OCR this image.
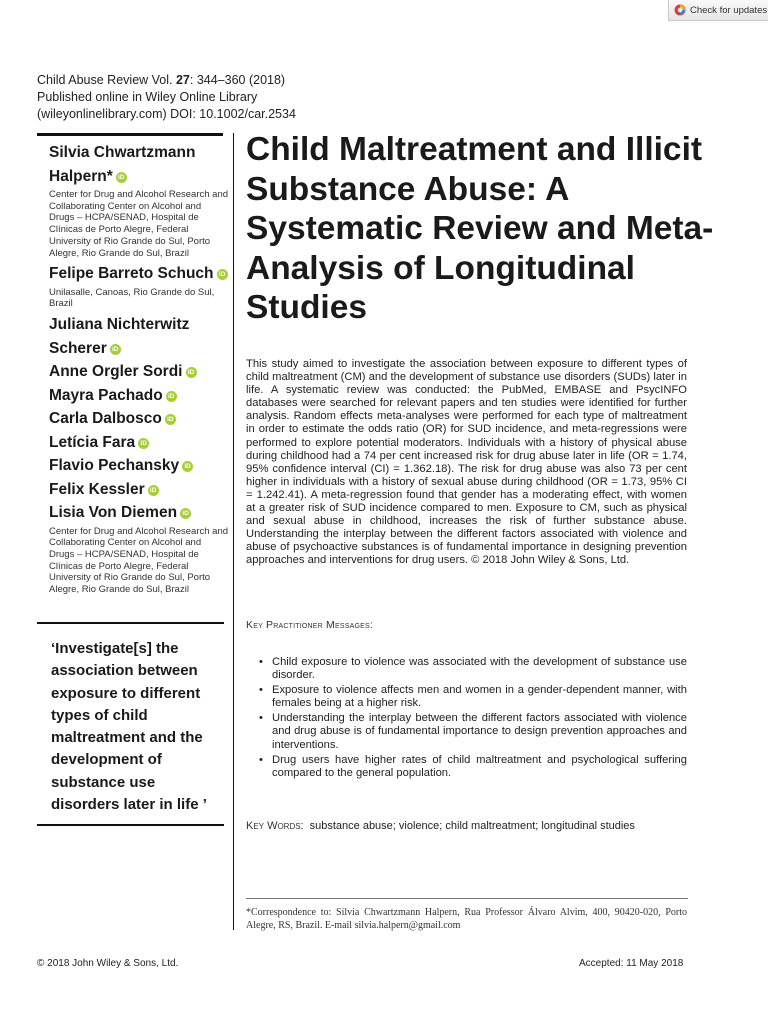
Check for updates
Child Abuse Review Vol. 27: 344–360 (2018)
Published online in Wiley Online Library
(wileyonlinelibrary.com) DOI: 10.1002/car.2534
Silvia Chwartzmann Halpern* iD
Center for Drug and Alcohol Research and Collaborating Center on Alcohol and Drugs – HCPA/SENAD, Hospital de Clínicas de Porto Alegre, Federal University of Rio Grande do Sul, Porto Alegre, Rio Grande do Sul, Brazil
Felipe Barreto Schuch iD
Unilasalle, Canoas, Rio Grande do Sul, Brazil
Juliana Nichterwitz Scherer iD
Anne Orgler Sordi iD
Mayra Pachado iD
Carla Dalbosco iD
Letícia Fara iD
Flavio Pechansky iD
Felix Kessler iD
Lisia Von Diemen iD
Center for Drug and Alcohol Research and Collaborating Center on Alcohol and Drugs – HCPA/SENAD, Hospital de Clínicas de Porto Alegre, Federal University of Rio Grande do Sul, Porto Alegre, Rio Grande do Sul, Brazil
‘Investigate[s] the association between exposure to different types of child maltreatment and the development of substance use disorders later in life ’
Child Maltreatment and Illicit Substance Abuse: A Systematic Review and Meta-Analysis of Longitudinal Studies
This study aimed to investigate the association between exposure to different types of child maltreatment (CM) and the development of substance use disorders (SUDs) later in life. A systematic review was conducted: the PubMed, EMBASE and PsycINFO databases were searched for relevant papers and ten studies were identified for further analysis. Random effects meta-analyses were performed for each type of maltreatment in order to estimate the odds ratio (OR) for SUD incidence, and meta-regressions were performed to explore potential moderators. Individuals with a history of physical abuse during childhood had a 74 per cent increased risk for drug abuse later in life (OR = 1.74, 95% confidence interval (CI) = 1.362.18). The risk for drug abuse was also 73 per cent higher in individuals with a history of sexual abuse during childhood (OR = 1.73, 95% CI = 1.242.41). A meta-regression found that gender has a moderating effect, with women at a greater risk of SUD incidence compared to men. Exposure to CM, such as physical and sexual abuse in childhood, increases the risk of further substance abuse. Understanding the interplay between the different factors associated with violence and abuse of psychoactive substances is of fundamental importance in designing prevention approaches and interventions for drug users. © 2018 John Wiley & Sons, Ltd.
Key Practitioner Messages:
• Child exposure to violence was associated with the development of substance use disorder.
• Exposure to violence affects men and women in a gender-dependent manner, with females being at a higher risk.
• Understanding the interplay between the different factors associated with violence and drug abuse is of fundamental importance to design prevention approaches and interventions.
• Drug users have higher rates of child maltreatment and psychological suffering compared to the general population.
Key Words: substance abuse; violence; child maltreatment; longitudinal studies
*Correspondence to: Silvia Chwartzmann Halpern, Rua Professor Álvaro Alvim, 400, 90420-020, Porto Alegre, RS, Brazil. E-mail silvia.halpern@gmail.com
© 2018 John Wiley & Sons, Ltd.	Accepted: 11 May 2018
